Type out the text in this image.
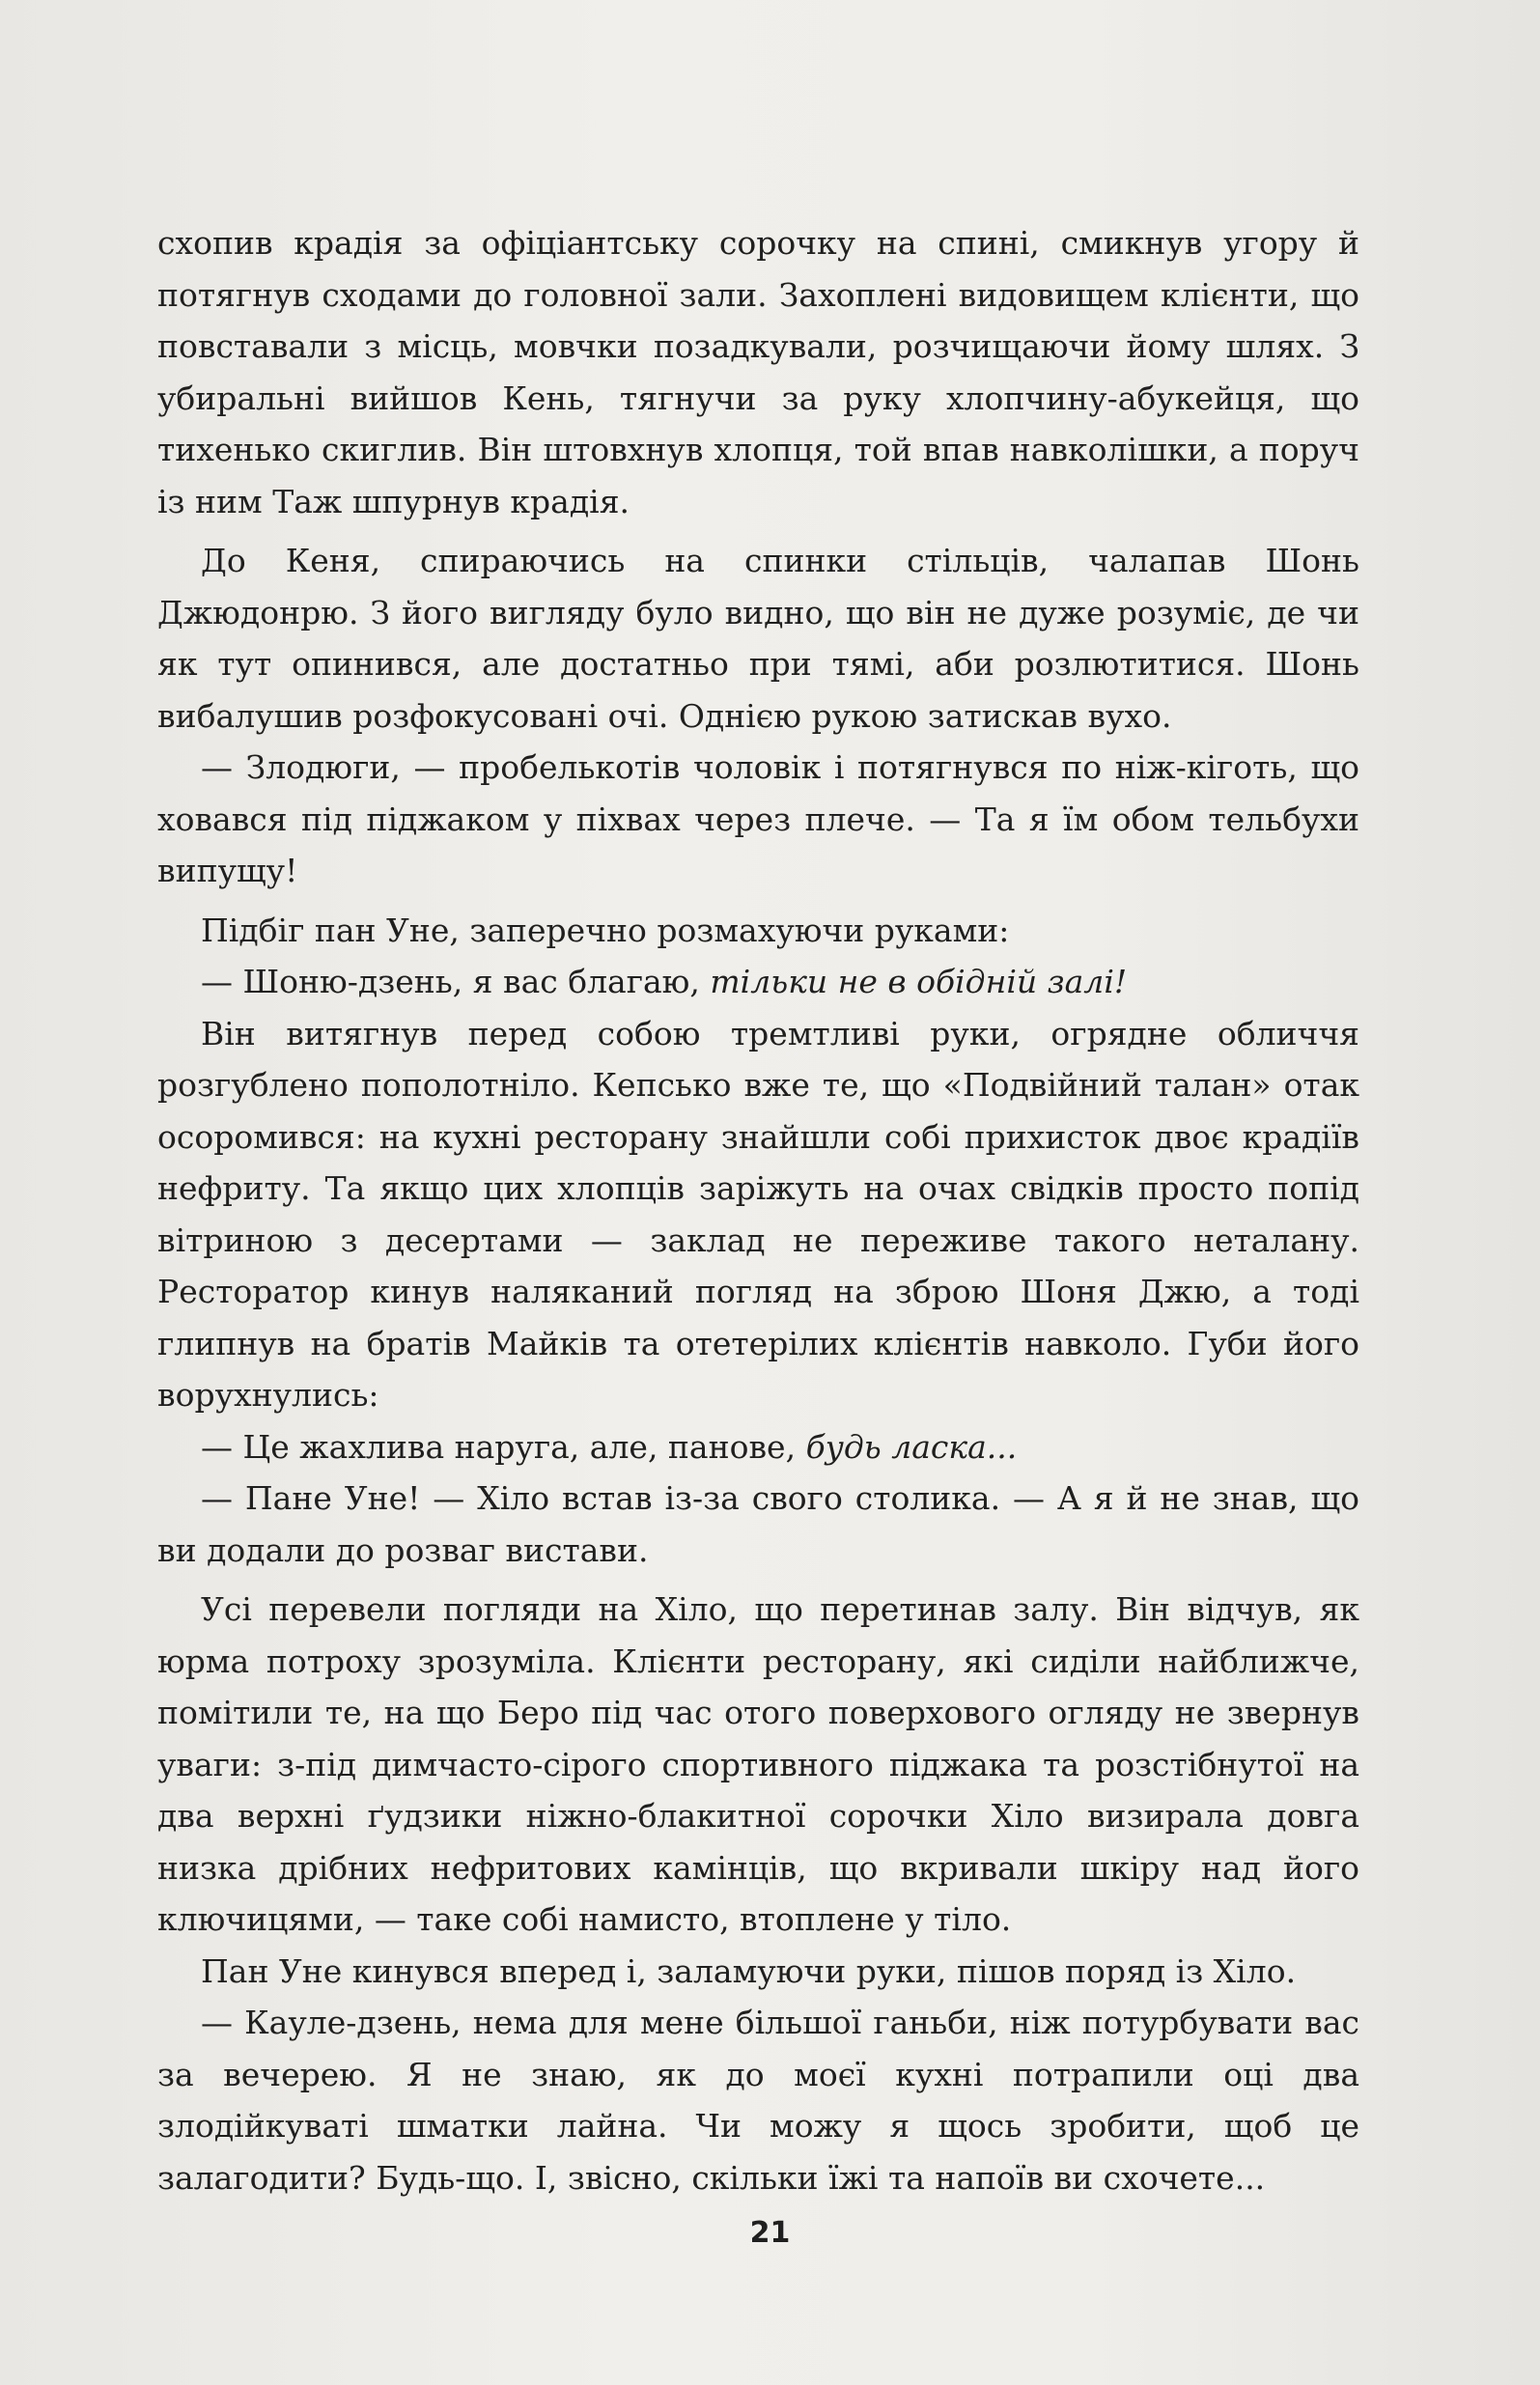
схопив крадія за офіціантську сорочку на спині, смикнув угору й потягнув сходами до головної зали. Захоплені видовищем клієнти, що повставали з місць, мовчки позадкували, розчищаючи йому шлях. З убиральні вийшов Кень, тягнучи за руку хлопчину-абукейця, що тихенько скиглив. Він штовхнув хлопця, той впав навколішки, а поруч із ним Таж шпурнув крадія.

До Кеня, спираючись на спинки стільців, чалапав Шонь Джюдонрю. З його вигляду було видно, що він не дуже розуміє, де чи як тут опинився, але достатньо при тямі, аби розлютитися. Шонь вибалушив розфокусовані очі. Однією рукою затискав вухо.

— Злодюги, — пробелькотів чоловік і потягнувся по ніж-кіготь, що ховався під піджаком у піхвах через плече. — Та я їм обом тельбухи випущу!

Підбіг пан Уне, заперечно розмахуючи руками:

— Шоню-дзень, я вас благаю, тільки не в обідній залі!

Він витягнув перед собою тремтливі руки, огрядне обличчя розгублено пополотніло. Кепсько вже те, що «Подвійний талан» отак осоромився: на кухні ресторану знайшли собі прихисток двоє крадіїв нефриту. Та якщо цих хлопців заріжуть на очах свідків просто попід вітриною з десертами — заклад не переживе такого неталану. Ресторатор кинув наляканий погляд на зброю Шоня Джю, а тоді глипнув на братів Майків та отетерілих клієнтів навколо. Губи його ворухнулись:

— Це жахлива наруга, але, панове, будь ласка...

— Пане Уне! — Хіло встав із-за свого столика. — А я й не знав, що ви додали до розваг вистави.

Усі перевели погляди на Хіло, що перетинав залу. Він відчув, як юрма потроху зрозуміла. Клієнти ресторану, які сиділи найближче, помітили те, на що Беро під час отого поверхового огляду не звернув уваги: з-під димчасто-сірого спортивного піджака та розстібнутої на два верхні ґудзики ніжно-блакитної сорочки Хіло визирала довга низка дрібних нефритових камінців, що вкривали шкіру над його ключицями, — таке собі намисто, втоплене у тіло.

Пан Уне кинувся вперед і, заламуючи руки, пішов поряд із Хіло.

— Кауле-дзень, нема для мене більшої ганьби, ніж потурбувати вас за вечерею. Я не знаю, як до моєї кухні потрапили оці два злодійкуваті шматки лайна. Чи можу я щось зробити, щоб це залагодити? Будь-що. І, звісно, скільки їжі та напоїв ви схочете...

21
